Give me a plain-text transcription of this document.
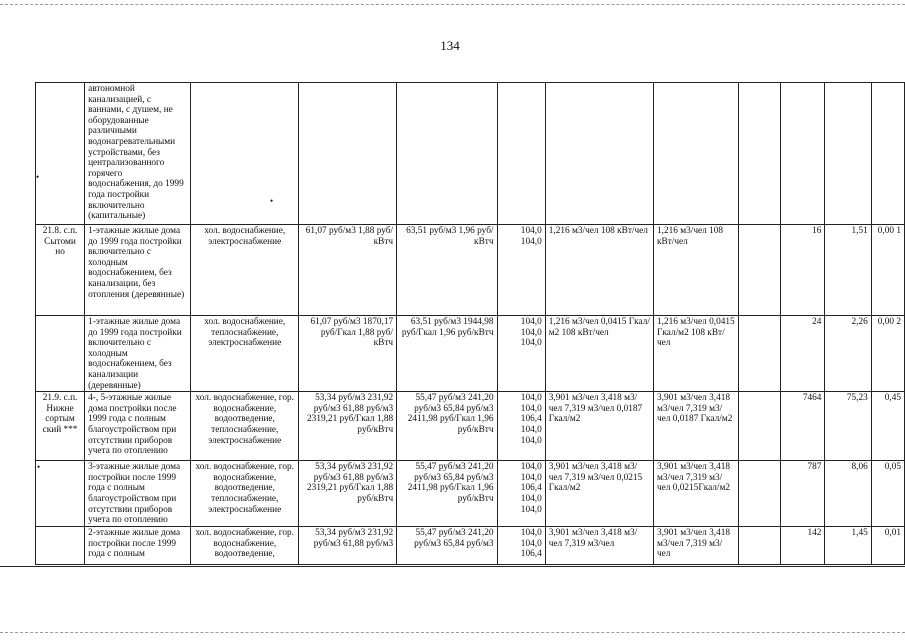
134
	автономной канализацией, с ваннами, с душем, не оборудованные различными водонагревательными устройствами, без централизованного горячего водоснабжения, до 1999 года постройки включительно (капитальные)										
21.8. с.п. Сытоми но	1-этажные жилые дома до 1999 года постройки включительно с холодным водоснабжением, без канализации, без отопления (деревянные)	хол. водоснабжение, электроснабжение	61,07 руб/м3 1,88 руб/кВтч	63,51 руб/м3 1,96 руб/кВтч	104,0 104,0	1,216 м3/чел 108 кВт/чел	1,216 м3/чел 108 кВт/чел		16	1,51	0,00 1
	1-этажные жилые дома до 1999 года постройки включительно с холодным водоснабжением, без канализации (деревянные)	хол. водоснабжение, теплоснабжение, электроснабжение	61,07 руб/м3 1870,17 руб/Гкал 1,88 руб/кВтч	63,51 руб/м3 1944,98 руб/Гкал 1,96 руб/кВтч	104,0 104,0 104,0	1,216 м3/чел 0,0415 Гкал/м2 108 кВт/чел	1,216 м3/чел 0,0415 Гкал/м2 108 кВт/чел		24	2,26	0,00 2
21.9. с.п. Нижне сортым ский ***	4-, 5-этажные жилые дома постройки после 1999 года с полным благоустройством при отсутствии приборов учета по отоплению	хол. водоснабжение, гор. водоснабжение, водоотведение, теплоснабжение, электроснабжение	53,34 руб/м3 231,92 руб/м3 61,88 руб/м3 2319,21 руб/Гкал 1,88 руб/кВтч	55,47 руб/м3 241,20 руб/м3 65,84 руб/м3 2411,98 руб/Гкал 1,96 руб/кВтч	104,0 104,0 106,4 104,0 104,0	3,901 м3/чел 3,418 м3/чел 7,319 м3/чел 0,0187 Гкал/м2	3,901 м3/чел 3,418 м3/чел 7,319 м3/чел 0,0187 Гкал/м2		7464	75,23	0,45
	3-этажные жилые дома постройки после 1999 года с полным благоустройством при отсутствии приборов учета по отоплению	хол. водоснабжение, гор. водоснабжение, водоотведение, теплоснабжение, электроснабжение	53,34 руб/м3 231,92 руб/м3 61,88 руб/м3 2319,21 руб/Гкал 1,88 руб/кВтч	55,47 руб/м3 241,20 руб/м3 65,84 руб/м3 2411,98 руб/Гкал 1,96 руб/кВтч	104,0 104,0 106,4 104,0 104,0	3,901 м3/чел 3,418 м3/чел 7,319 м3/чел 0,0215 Гкал/м2	3,901 м3/чел 3,418 м3/чел 7,319 м3/чел 0,0215Гкал/м2		787	8,06	0,05
	2-этажные жилые дома постройки после 1999 года с полным	хол. водоснабжение, гор. водоснабжение, водоотведение,	53,34 руб/м3 231,92 руб/м3 61,88 руб/м3	55,47 руб/м3 241,20 руб/м3 65,84 руб/м3	104,0 104,0 106,4	3,901 м3/чел 3,418 м3/чел 7,319 м3/чел	3,901 м3/чел 3,418 м3/чел 7,319 м3/чел		142	1,45	0,01
•
•
•
